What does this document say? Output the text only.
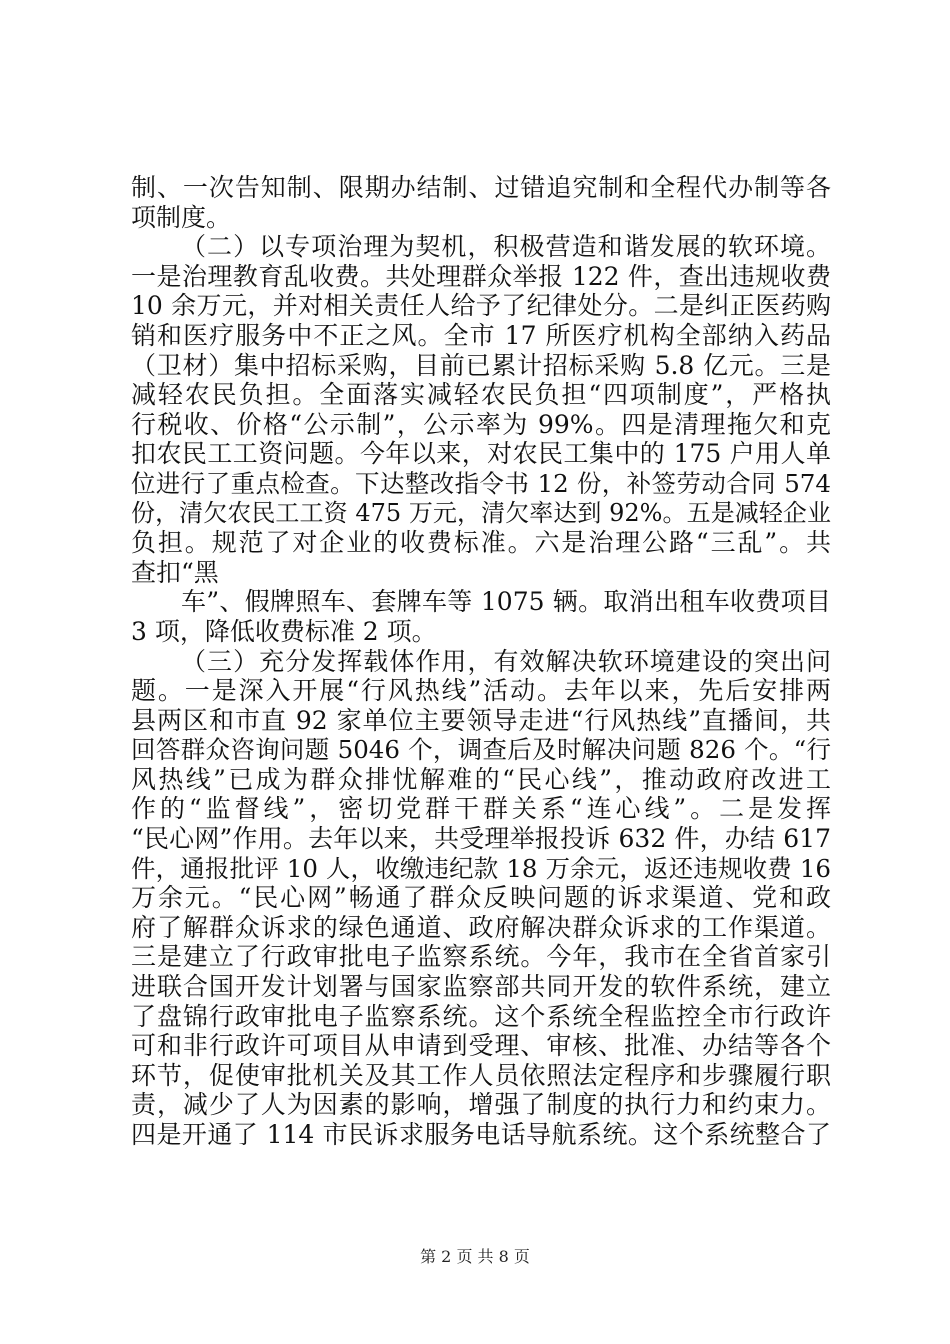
制、一次告知制、限期办结制、过错追究制和全程代办制等各
项制度。
（二）以专项治理为契机，积极营造和谐发展的软环境。
一是治理教育乱收费。共处理群众举报 122 件，查出违规收费
10 余万元，并对相关责任人给予了纪律处分。二是纠正医药购
销和医疗服务中不正之风。全市 17 所医疗机构全部纳入药品
（卫材）集中招标采购，目前已累计招标采购 5.8 亿元。三是
减轻农民负担。全面落实减轻农民负担“四项制度”，严格执
行税收、价格“公示制”，公示率为 99%。四是清理拖欠和克
扣农民工工资问题。今年以来，对农民工集中的 175 户用人单
位进行了重点检查。下达整改指令书 12 份，补签劳动合同 574
份，清欠农民工工资 475 万元，清欠率达到 92%。五是减轻企业
负担。规范了对企业的收费标准。六是治理公路“三乱”。共
查扣“黑
车”、假牌照车、套牌车等 1075 辆。取消出租车收费项目
3 项，降低收费标准 2 项。
（三）充分发挥载体作用，有效解决软环境建设的突出问
题。一是深入开展“行风热线”活动。去年以来，先后安排两
县两区和市直 92 家单位主要领导走进“行风热线”直播间，共
回答群众咨询问题 5046 个，调查后及时解决问题 826 个。“行
风热线”已成为群众排忧解难的“民心线”，推动政府改进工
作的“监督线”，密切党群干群关系“连心线”。二是发挥
“民心网”作用。去年以来，共受理举报投诉 632 件，办结 617
件，通报批评 10 人，收缴违纪款 18 万余元，返还违规收费 16
万余元。“民心网”畅通了群众反映问题的诉求渠道、党和政
府了解群众诉求的绿色通道、政府解决群众诉求的工作渠道。
三是建立了行政审批电子监察系统。今年，我市在全省首家引
进联合国开发计划署与国家监察部共同开发的软件系统，建立
了盘锦行政审批电子监察系统。这个系统全程监控全市行政许
可和非行政许可项目从申请到受理、审核、批准、办结等各个
环节，促使审批机关及其工作人员依照法定程序和步骤履行职
责，减少了人为因素的影响，增强了制度的执行力和约束力。
四是开通了 114 市民诉求服务电话导航系统。这个系统整合了
第 2 页 共 8 页
